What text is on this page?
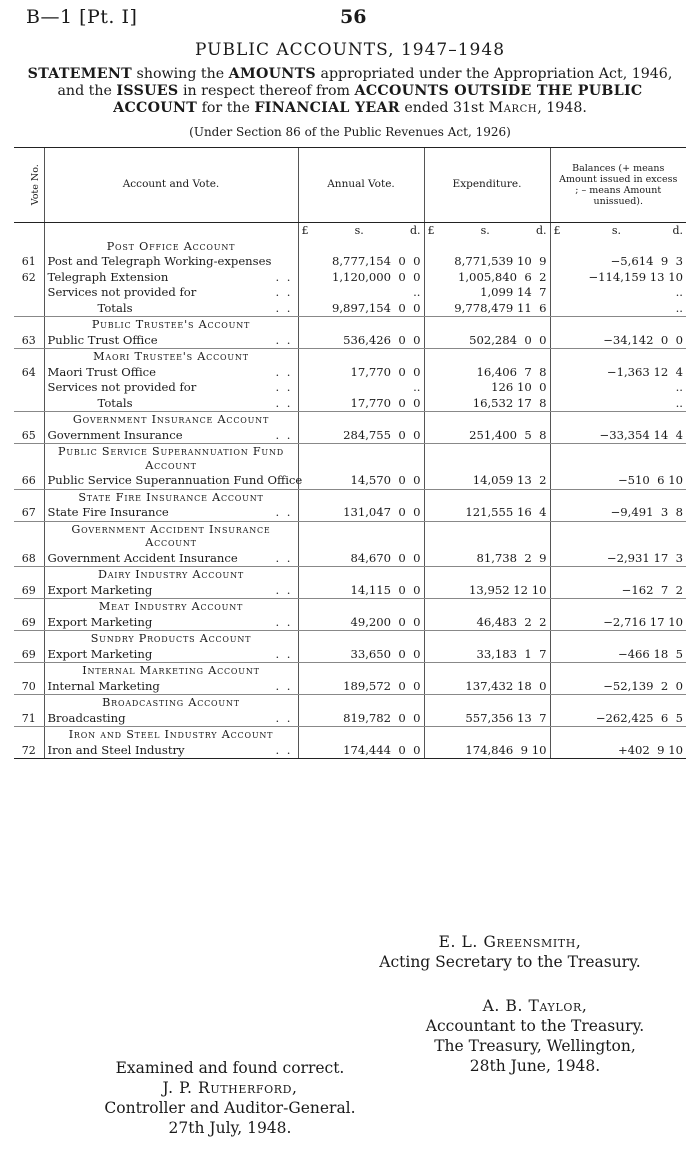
B—1 [Pt. I]	56
PUBLIC ACCOUNTS, 1947–1948
STATEMENT showing the AMOUNTS appropriated under the Appropriation Act, 1946, and the ISSUES in respect thereof from ACCOUNTS OUTSIDE THE PUBLIC ACCOUNT for the FINANCIAL YEAR ended 31st March, 1948.
(Under Section 86 of the Public Revenues Act, 1926)
Vote No.	Account and Vote.	Annual Vote.	Expenditure.	Balances (+ means Amount issued in excess ; – means Amount unissued).

		£ s. d.	£ s. d.	£ s. d.

	Post Office Account			

61	Post and Telegraph Working-expenses	8,777,154  0  0	8,771,539 10  9	−5,614  9  3
62	Telegraph Extension . .	1,120,000  0  0	1,005,840  6  2	−114,159 13 10

	Services not provided for . .	..	1,099 14  7	..

	Totals . .	9,897,154  0  0	9,778,479 11  6	..

	Public Trustee's Account			

63	Public Trust Office . .	536,426  0  0	502,284  0  0	−34,142  0  0

	Maori Trustee's Account			

64	Maori Trust Office . .	17,770  0  0	16,406  7  8	−1,363 12  4

	Services not provided for . .	..	126 10  0	..

	Totals . .	17,770  0  0	16,532 17  8	..

	Government Insurance Account			

65	Government Insurance . .	284,755  0  0	251,400  5  8	−33,354 14  4

	Public Service Superannuation Fund Account			

66	Public Service Superannuation Fund Office	14,570  0  0	14,059 13  2	−510  6 10

	State Fire Insurance Account			

67	State Fire Insurance . .	131,047  0  0	121,555 16  4	−9,491  3  8

	Government Accident Insurance Account			

68	Government Accident Insurance . .	84,670  0  0	81,738  2  9	−2,931 17  3

	Dairy Industry Account			

69	Export Marketing . .	14,115  0  0	13,952 12 10	−162  7  2

	Meat Industry Account			

69	Export Marketing . .	49,200  0  0	46,483  2  2	−2,716 17 10

	Sundry Products Account			

69	Export Marketing . .	33,650  0  0	33,183  1  7	−466 18  5

	Internal Marketing Account			

70	Internal Marketing . .	189,572  0  0	137,432 18  0	−52,139  2  0

	Broadcasting Account			

71	Broadcasting . .	819,782  0  0	557,356 13  7	−262,425  6  5

	Iron and Steel Industry Account			

72	Iron and Steel Industry . .	174,444  0  0	174,846  9 10	+402  9 10
E. L. Greensmith,
Acting Secretary to the Treasury.
A. B. Taylor,
Accountant to the Treasury.
The Treasury, Wellington,
28th June, 1948.
Examined and found correct.
J. P. Rutherford,
Controller and Auditor-General.
27th July, 1948.
